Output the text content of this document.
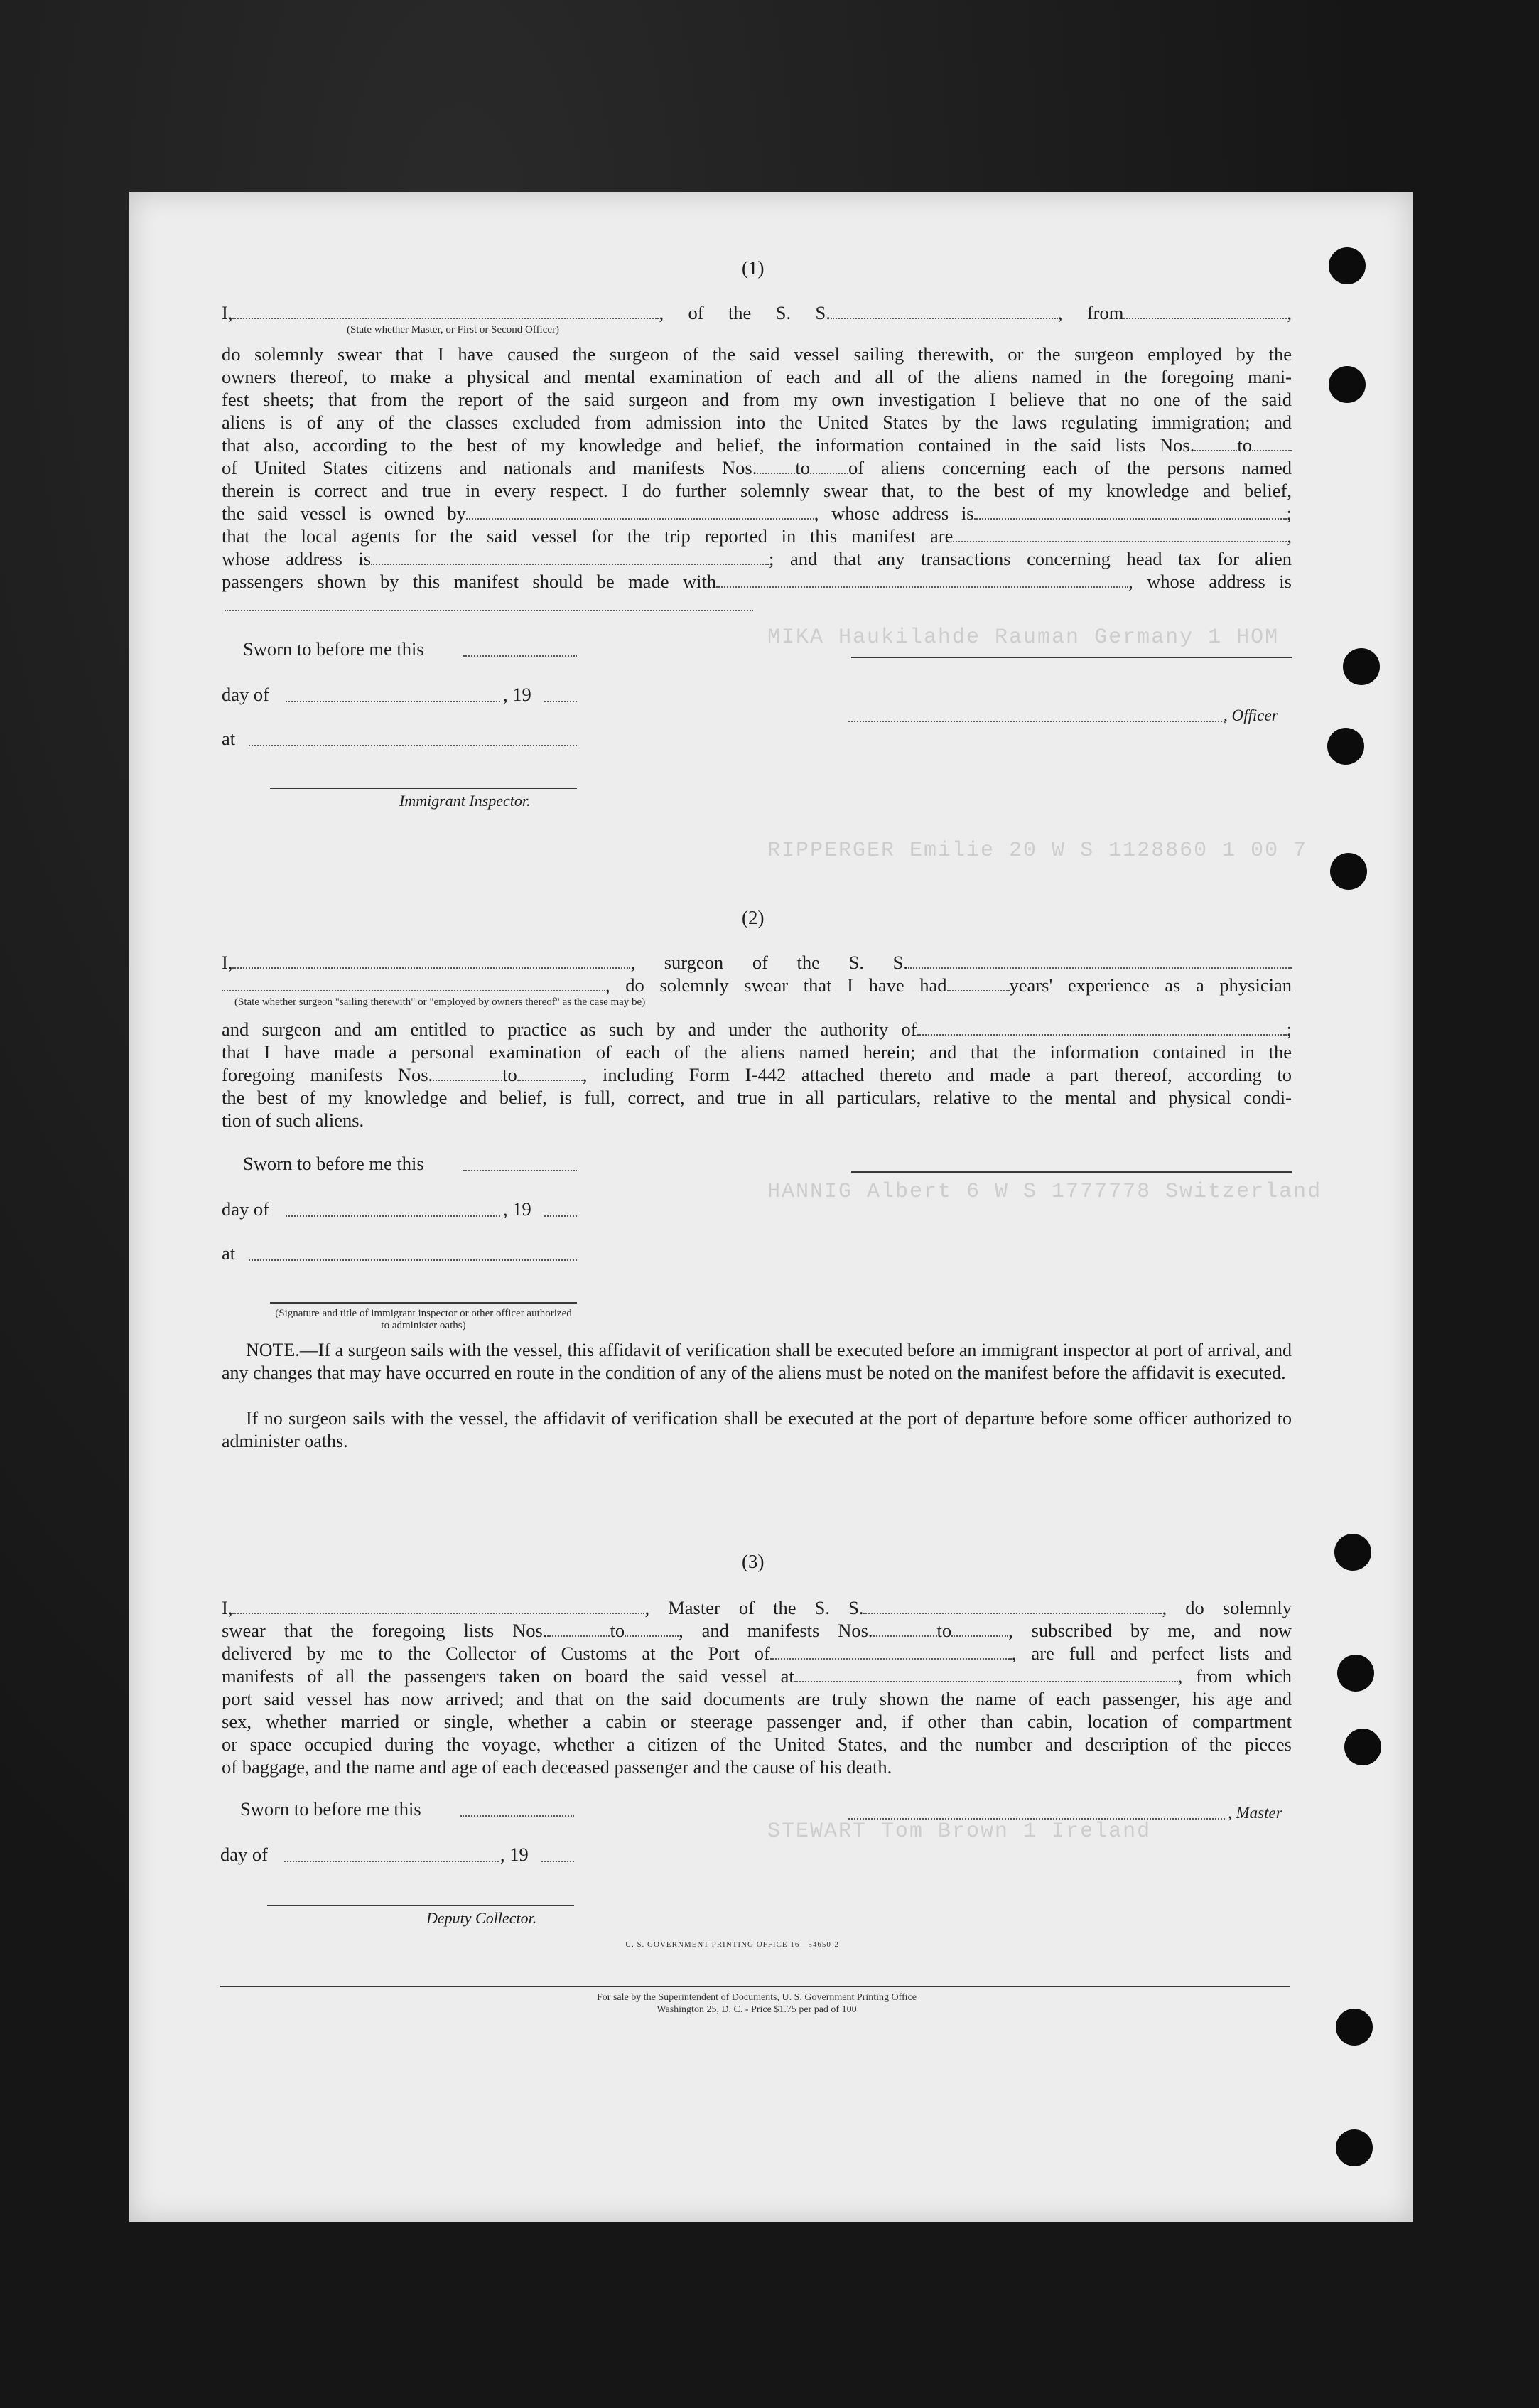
MIKA Haukilahde Rauman Germany 1 HOM
RIPPERGER Emilie 20 W S 1128860 1 00 7
HANNIG Albert 6 W S 1777778 Switzerland
STEWART Tom Brown 1 Ireland
(1)
I,	, of the S. S.	, from	,
(State whether Master, or First or Second Officer)
do solemnly swear that I have caused the surgeon of the said vessel sailing therewith, or the surgeon employed by the
owners thereof, to make a physical and mental examination of each and all of the aliens named in the foregoing mani-
fest sheets; that from the report of the said surgeon and from my own investigation I believe that no one of the said
aliens is of any of the classes excluded from admission into the United States by the laws regulating immigration; and
that also, according to the best of my knowledge and belief, the information contained in the said lists Nos. to
of United States citizens and nationals and manifests Nos. to of aliens concerning each of the persons named
therein is correct and true in every respect. I do further solemnly swear that, to the best of my knowledge and belief,
the said vessel is owned by	, whose address is	;
that the local agents for the said vessel for the trip reported in this manifest are	,
whose address is	; and that any transactions concerning head tax for alien
passengers shown by this manifest should be made with	, whose address is
Sworn to before me this
day of	, 19
, Officer
at
Immigrant Inspector.
(2)
I,	, surgeon of the S. S.
, do solemnly swear that I have had	years' experience as a physician
(State whether surgeon "sailing therewith" or "employed by owners thereof" as the case may be)
and surgeon and am entitled to practice as such by and under the authority of	;
that I have made a personal examination of each of the aliens named herein; and that the information contained in the
foregoing manifests Nos.	to	, including Form I-442 attached thereto and made a part thereof, according to
the best of my knowledge and belief, is full, correct, and true in all particulars, relative to the mental and physical condi-
tion of such aliens.
Sworn to before me this
day of	, 19
at
(Signature and title of immigrant inspector or other officer authorized to administer oaths)
NOTE.—If a surgeon sails with the vessel, this affidavit of verification shall be executed before an immigrant inspector at port of arrival, and any changes that may have occurred en route in the condition of any of the aliens must be noted on the manifest before the affidavit is executed.
If no surgeon sails with the vessel, the affidavit of verification shall be executed at the port of departure before some officer authorized to administer oaths.
(3)
I,	, Master of the S. S.	, do solemnly
swear that the foregoing lists Nos.	to	, and manifests Nos.	to	, subscribed by me, and now
delivered by me to the Collector of Customs at the Port of	, are full and perfect lists and
manifests of all the passengers taken on board the said vessel at	, from which
port said vessel has now arrived; and that on the said documents are truly shown the name of each passenger, his age and
sex, whether married or single, whether a cabin or steerage passenger and, if other than cabin, location of compartment
or space occupied during the voyage, whether a citizen of the United States, and the number and description of the pieces
of baggage, and the name and age of each deceased passenger and the cause of his death.
Sworn to before me this	, Master
day of	, 19
Deputy Collector.
U. S. GOVERNMENT PRINTING OFFICE 16—54650-2
For sale by the Superintendent of Documents, U. S. Government Printing Office
Washington 25, D. C. - Price $1.75 per pad of 100
